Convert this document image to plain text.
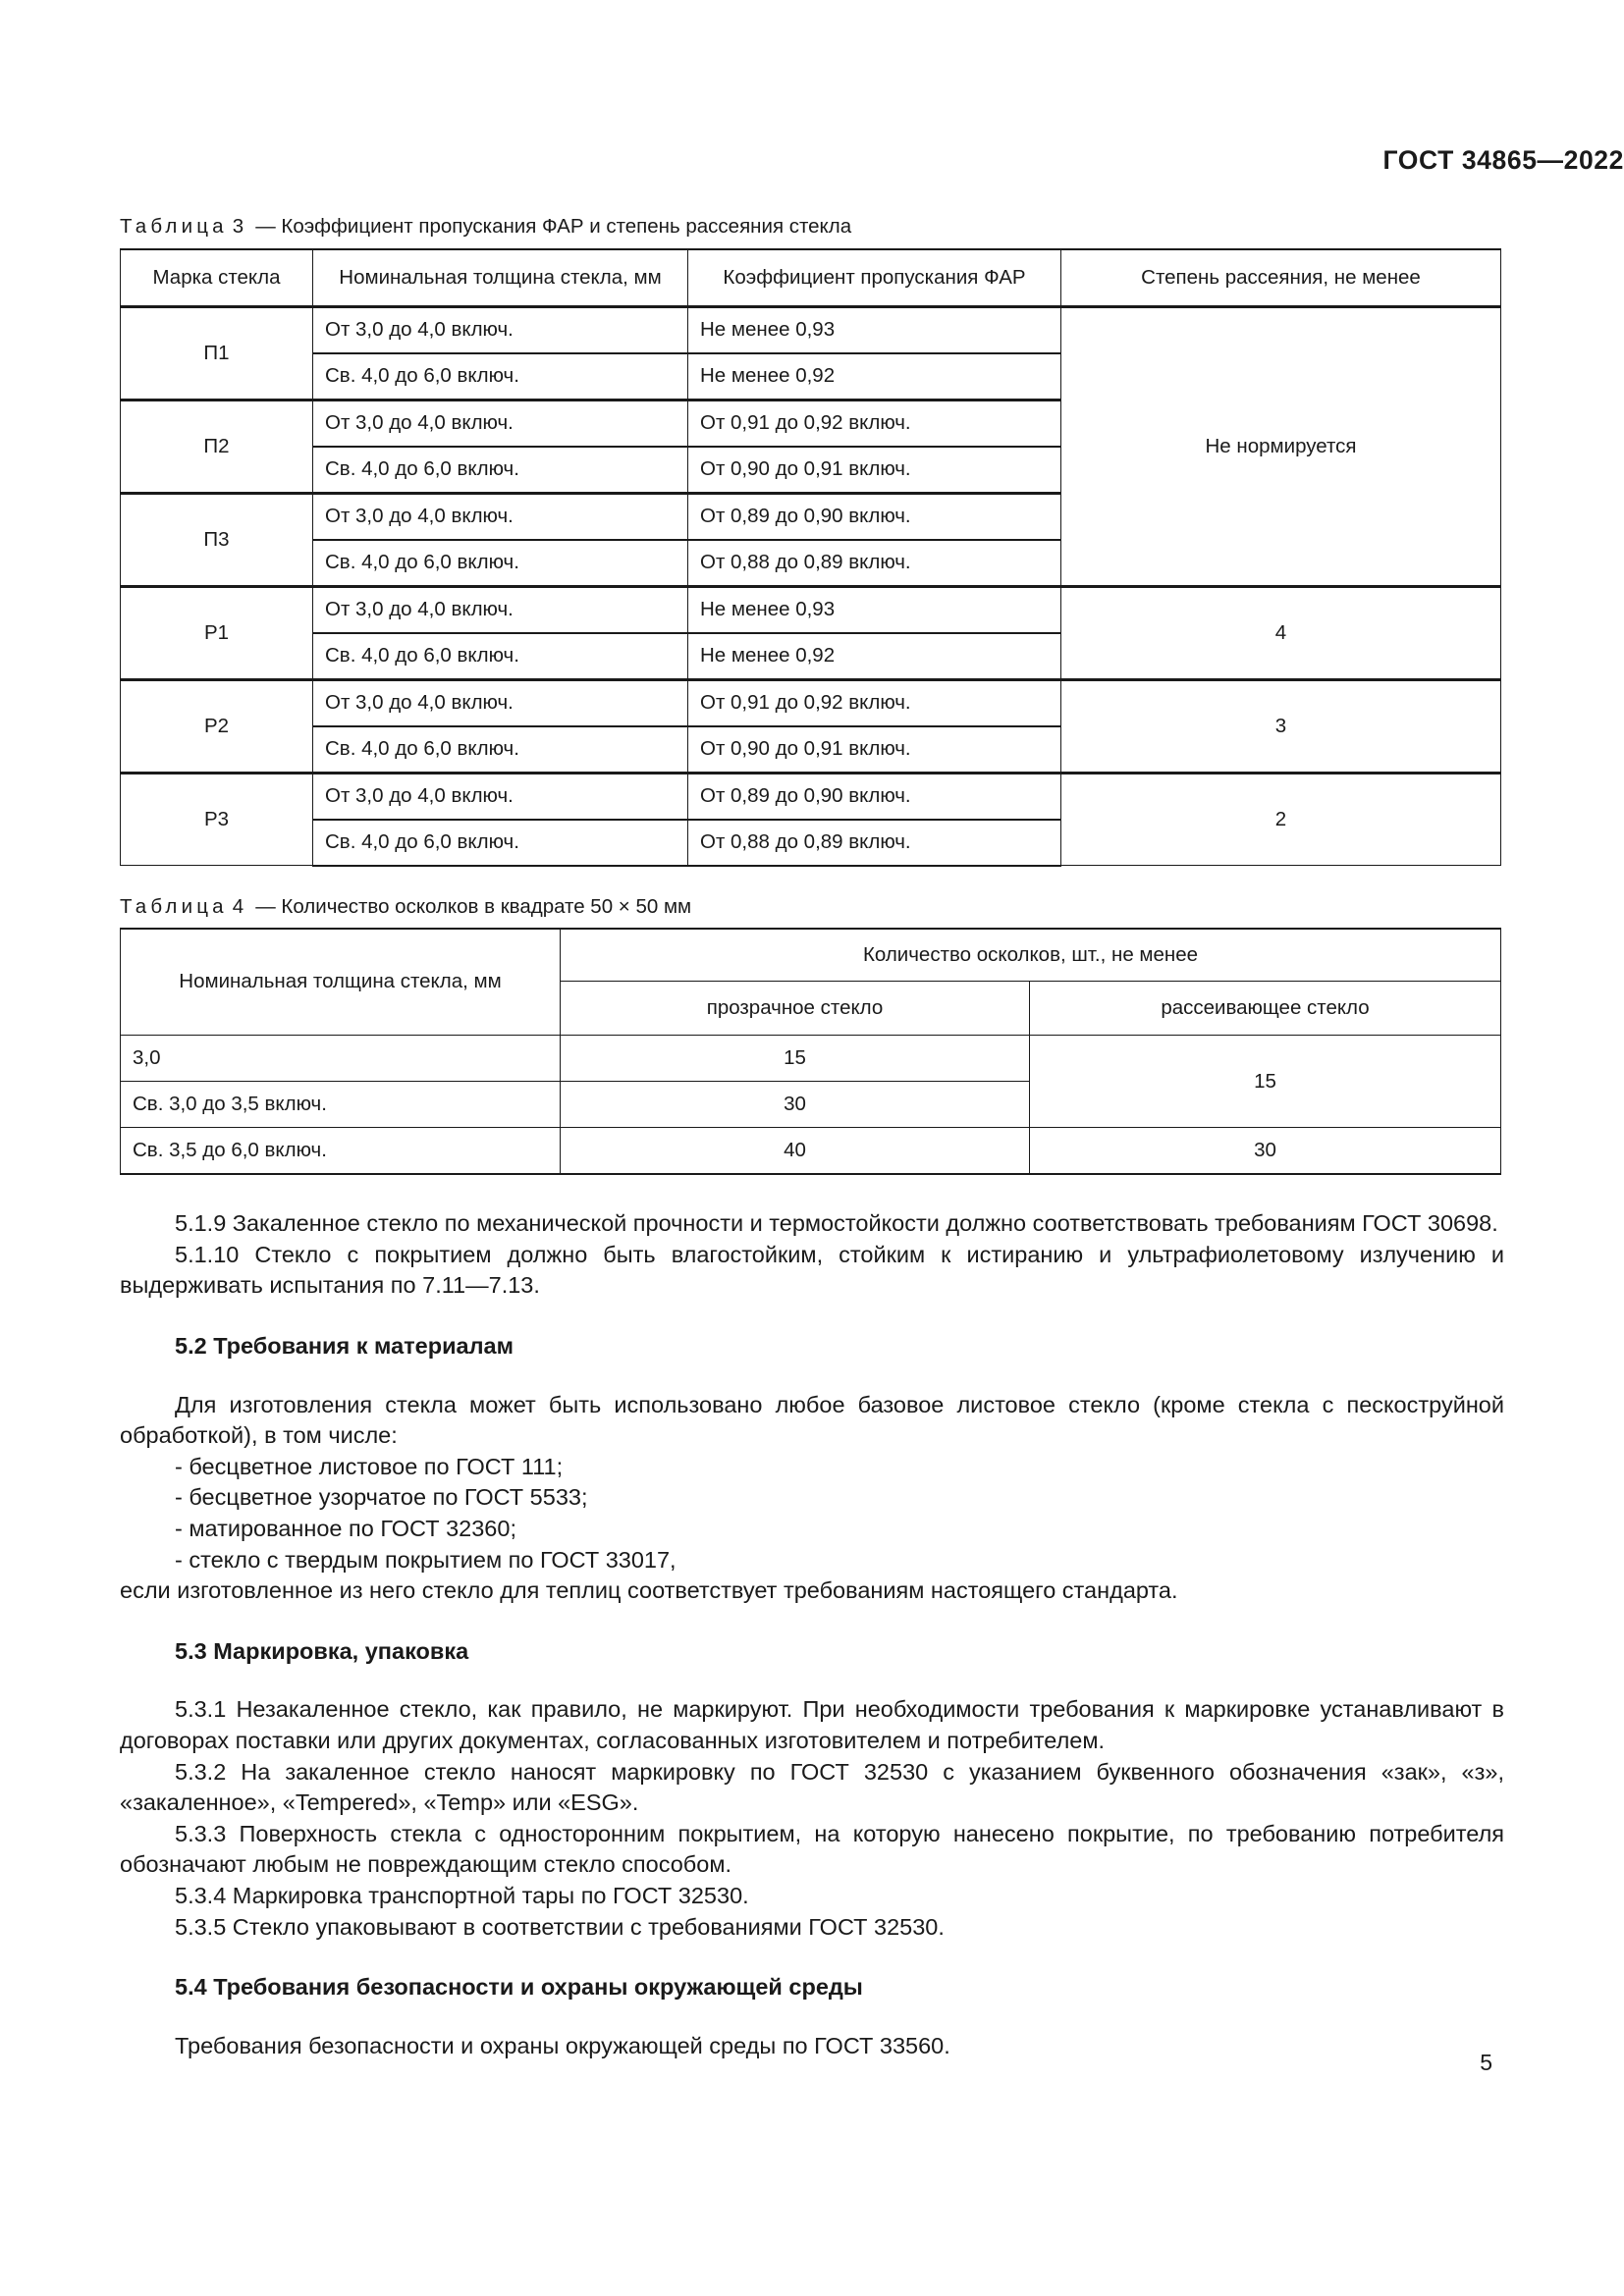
ГОСТ 34865—2022

Таблица 3 — Коэффициент пропускания ФАР и степень рассеяния стекла

Марка стекла	Номинальная толщина стекла, мм	Коэффициент пропускания ФАР	Степень рассеяния, не менее
П1	От 3,0 до 4,0 включ.	Не менее 0,93	Не нормируется
	Св. 4,0 до 6,0 включ.	Не менее 0,92	
П2	От 3,0 до 4,0 включ.	От 0,91 до 0,92 включ.	
	Св. 4,0 до 6,0 включ.	От 0,90 до 0,91 включ.	
П3	От 3,0 до 4,0 включ.	От 0,89 до 0,90 включ.	
	Св. 4,0 до 6,0 включ.	От 0,88 до 0,89 включ.	
Р1	От 3,0 до 4,0 включ.	Не менее 0,93	4
	Св. 4,0 до 6,0 включ.	Не менее 0,92	
Р2	От 3,0 до 4,0 включ.	От 0,91 до 0,92 включ.	3
	Св. 4,0 до 6,0 включ.	От 0,90 до 0,91 включ.	
Р3	От 3,0 до 4,0 включ.	От 0,89 до 0,90 включ.	2
	Св. 4,0 до 6,0 включ.	От 0,88 до 0,89 включ.	

Таблица 4 — Количество осколков в квадрате 50 × 50 мм

Номинальная толщина стекла, мм	Количество осколков, шт., не менее	
	прозрачное стекло	рассеивающее стекло
3,0	15	15
Св. 3,0 до 3,5 включ.	30	
Св. 3,5 до 6,0 включ.	40	30

5.1.9 Закаленное стекло по механической прочности и термостойкости должно соответствовать требованиям ГОСТ 30698.

5.1.10 Стекло с покрытием должно быть влагостойким, стойким к истиранию и ультрафиолетовому излучению и выдерживать испытания по 7.11—7.13.

5.2 Требования к материалам

Для изготовления стекла может быть использовано любое базовое листовое стекло (кроме стекла с пескоструйной обработкой), в том числе:

- бесцветное листовое по ГОСТ 111;

- бесцветное узорчатое по ГОСТ 5533;

- матированное по ГОСТ 32360;

- стекло с твердым покрытием по ГОСТ 33017,

если изготовленное из него стекло для теплиц соответствует требованиям настоящего стандарта.

5.3 Маркировка, упаковка

5.3.1 Незакаленное стекло, как правило, не маркируют. При необходимости требования к маркировке устанавливают в договорах поставки или других документах, согласованных изготовителем и потребителем.

5.3.2 На закаленное стекло наносят маркировку по ГОСТ 32530 с указанием буквенного обозначения «зак», «з», «закаленное», «Tempered», «Temp» или «ESG».

5.3.3 Поверхность стекла с односторонним покрытием, на которую нанесено покрытие, по требованию потребителя обозначают любым не повреждающим стекло способом.

5.3.4 Маркировка транспортной тары по ГОСТ 32530.

5.3.5 Стекло упаковывают в соответствии с требованиями ГОСТ 32530.

5.4 Требования безопасности и охраны окружающей среды

Требования безопасности и охраны окружающей среды по ГОСТ 33560.

5
